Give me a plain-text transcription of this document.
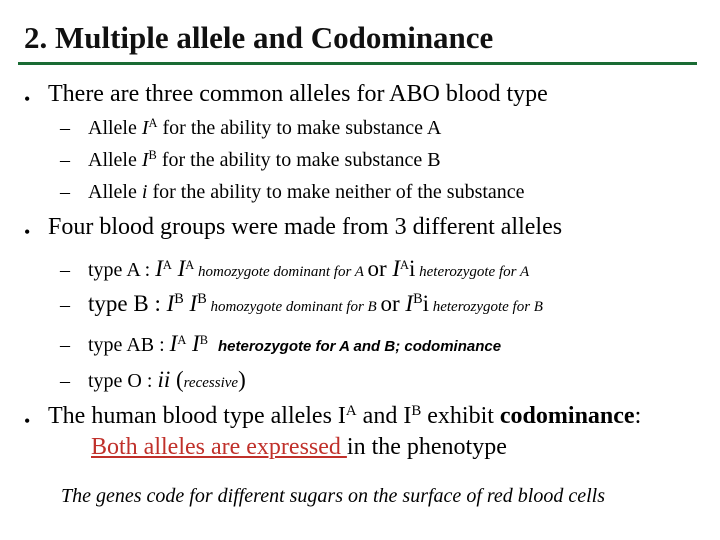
2. Multiple allele and Codominance
• There are three common alleles for ABO blood type
– Allele $I^A$ for the ability to make substance A
– Allele $I^B$ for the ability to make substance B
– Allele i for the ability to make neither of the substance
• Four blood groups were made from 3 different alleles
– type A : $I^A$ $I^A$ homozygote dominant for A or $I^Ai$ heterozygote for A
– type B : $I^B$ $I^B$ homozygote dominant for B or $I^Bi$ heterozygote for B
– type AB : $I^A$ $I^B$ heterozygote for A and B; codominance
– type O : ii (recessive)
• The human blood type alleles $I^A$ and $I^B$ exhibit codominance:
Both alleles are expressed in the phenotype
The genes code for different sugars on the surface of red blood cells
